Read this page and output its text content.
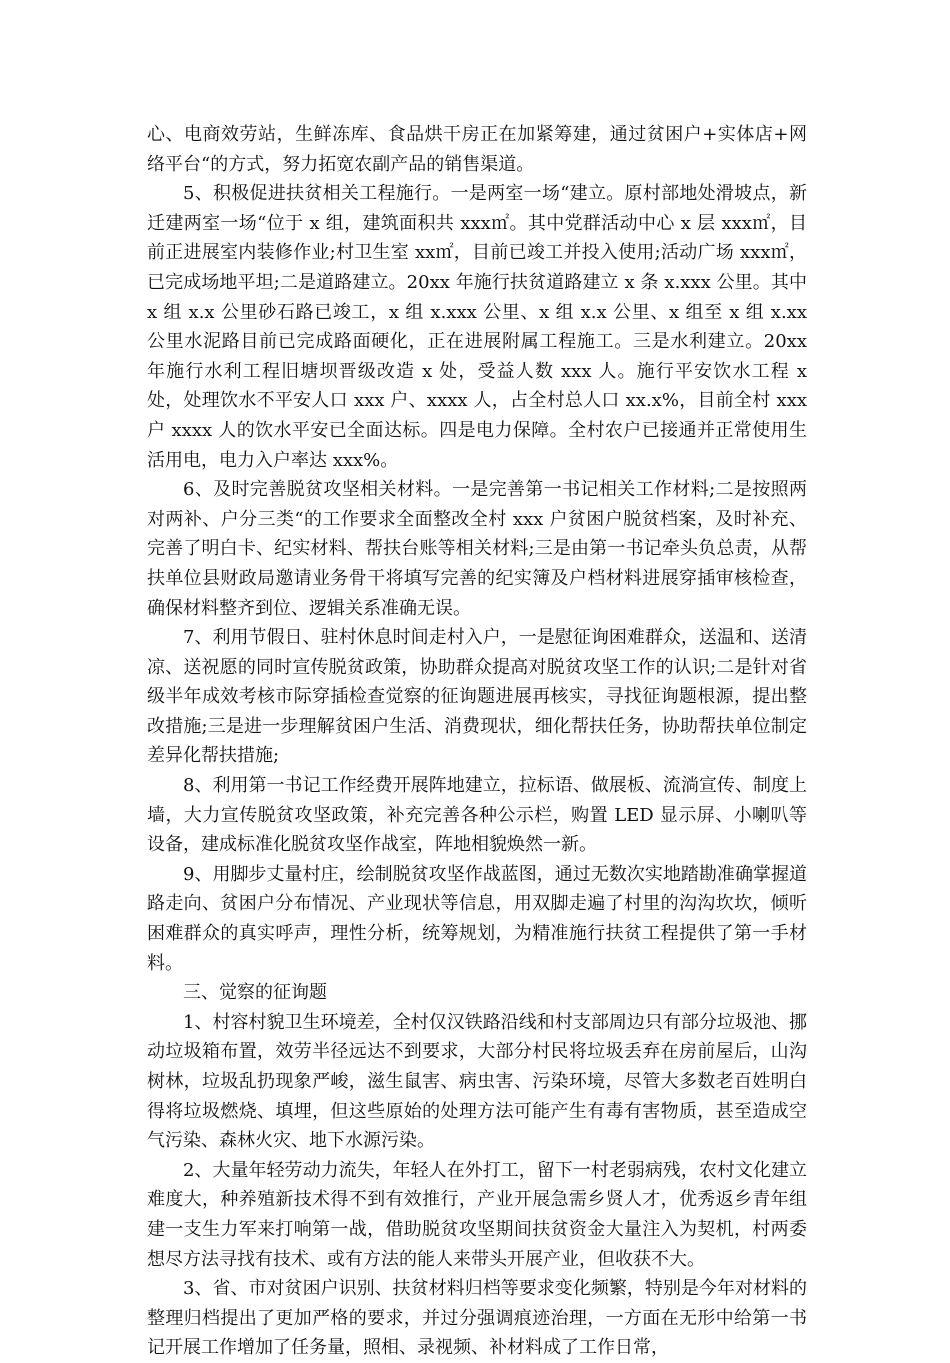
心、电商效劳站，生鲜冻库、食品烘干房正在加紧筹建，通过贫困户+实体店+网络平台“的方式，努力拓宽农副产品的销售渠道。

5、积极促进扶贫相关工程施行。一是两室一场“建立。原村部地处滑坡点，新迁建两室一场“位于 x 组，建筑面积共 xxx㎡。其中党群活动中心 x 层 xxx㎡，目前正进展室内装修作业;村卫生室 xx㎡，目前已竣工并投入使用;活动广场 xxx㎡，已完成场地平坦;二是道路建立。20xx 年施行扶贫道路建立 x 条 x.xxx 公里。其中 x 组 x.x 公里砂石路已竣工，x 组 x.xxx 公里、x 组 x.x 公里、x 组至 x 组 x.xx 公里水泥路目前已完成路面硬化，正在进展附属工程施工。三是水利建立。20xx 年施行水利工程旧塘坝晋级改造 x 处，受益人数 xxx 人。施行平安饮水工程 x 处，处理饮水不平安人口 xxx 户、xxxx 人，占全村总人口 xx.x%，目前全村 xxx 户 xxxx 人的饮水平安已全面达标。四是电力保障。全村农户已接通并正常使用生活用电，电力入户率达 xxx%。

6、及时完善脱贫攻坚相关材料。一是完善第一书记相关工作材料;二是按照两对两补、户分三类“的工作要求全面整改全村 xxx 户贫困户脱贫档案，及时补充、完善了明白卡、纪实材料、帮扶台账等相关材料;三是由第一书记牵头负总责，从帮扶单位县财政局邀请业务骨干将填写完善的纪实簿及户档材料进展穿插审核检查，确保材料整齐到位、逻辑关系准确无误。

7、利用节假日、驻村休息时间走村入户，一是慰征询困难群众，送温和、送清凉、送祝愿的同时宣传脱贫政策，协助群众提高对脱贫攻坚工作的认识;二是针对省级半年成效考核市际穿插检查觉察的征询题进展再核实，寻找征询题根源，提出整改措施;三是进一步理解贫困户生活、消费现状，细化帮扶任务，协助帮扶单位制定差异化帮扶措施;

8、利用第一书记工作经费开展阵地建立，拉标语、做展板、流淌宣传、制度上墙，大力宣传脱贫攻坚政策，补充完善各种公示栏，购置 LED 显示屏、小喇叭等设备，建成标准化脱贫攻坚作战室，阵地相貌焕然一新。

9、用脚步丈量村庄，绘制脱贫攻坚作战蓝图，通过无数次实地踏勘准确掌握道路走向、贫困户分布情况、产业现状等信息，用双脚走遍了村里的沟沟坎坎，倾听困难群众的真实呼声，理性分析，统筹规划，为精准施行扶贫工程提供了第一手材料。

三、觉察的征询题

1、村容村貌卫生环境差，全村仅汉铁路沿线和村支部周边只有部分垃圾池、挪动垃圾箱布置，效劳半径远达不到要求，大部分村民将垃圾丢弃在房前屋后，山沟树林，垃圾乱扔现象严峻，滋生鼠害、病虫害、污染环境，尽管大多数老百姓明白得将垃圾燃烧、填埋，但这些原始的处理方法可能产生有毒有害物质，甚至造成空气污染、森林火灾、地下水源污染。

2、大量年轻劳动力流失，年轻人在外打工，留下一村老弱病残，农村文化建立难度大，种养殖新技术得不到有效推行，产业开展急需乡贤人才，优秀返乡青年组建一支生力军来打响第一战，借助脱贫攻坚期间扶贫资金大量注入为契机，村两委想尽方法寻找有技术、或有方法的能人来带头开展产业，但收获不大。

3、省、市对贫困户识别、扶贫材料归档等要求变化频繁，特别是今年对材料的整理归档提出了更加严格的要求，并过分强调痕迹治理，一方面在无形中给第一书记开展工作增加了任务量，照相、录视频、补材料成了工作日常，
